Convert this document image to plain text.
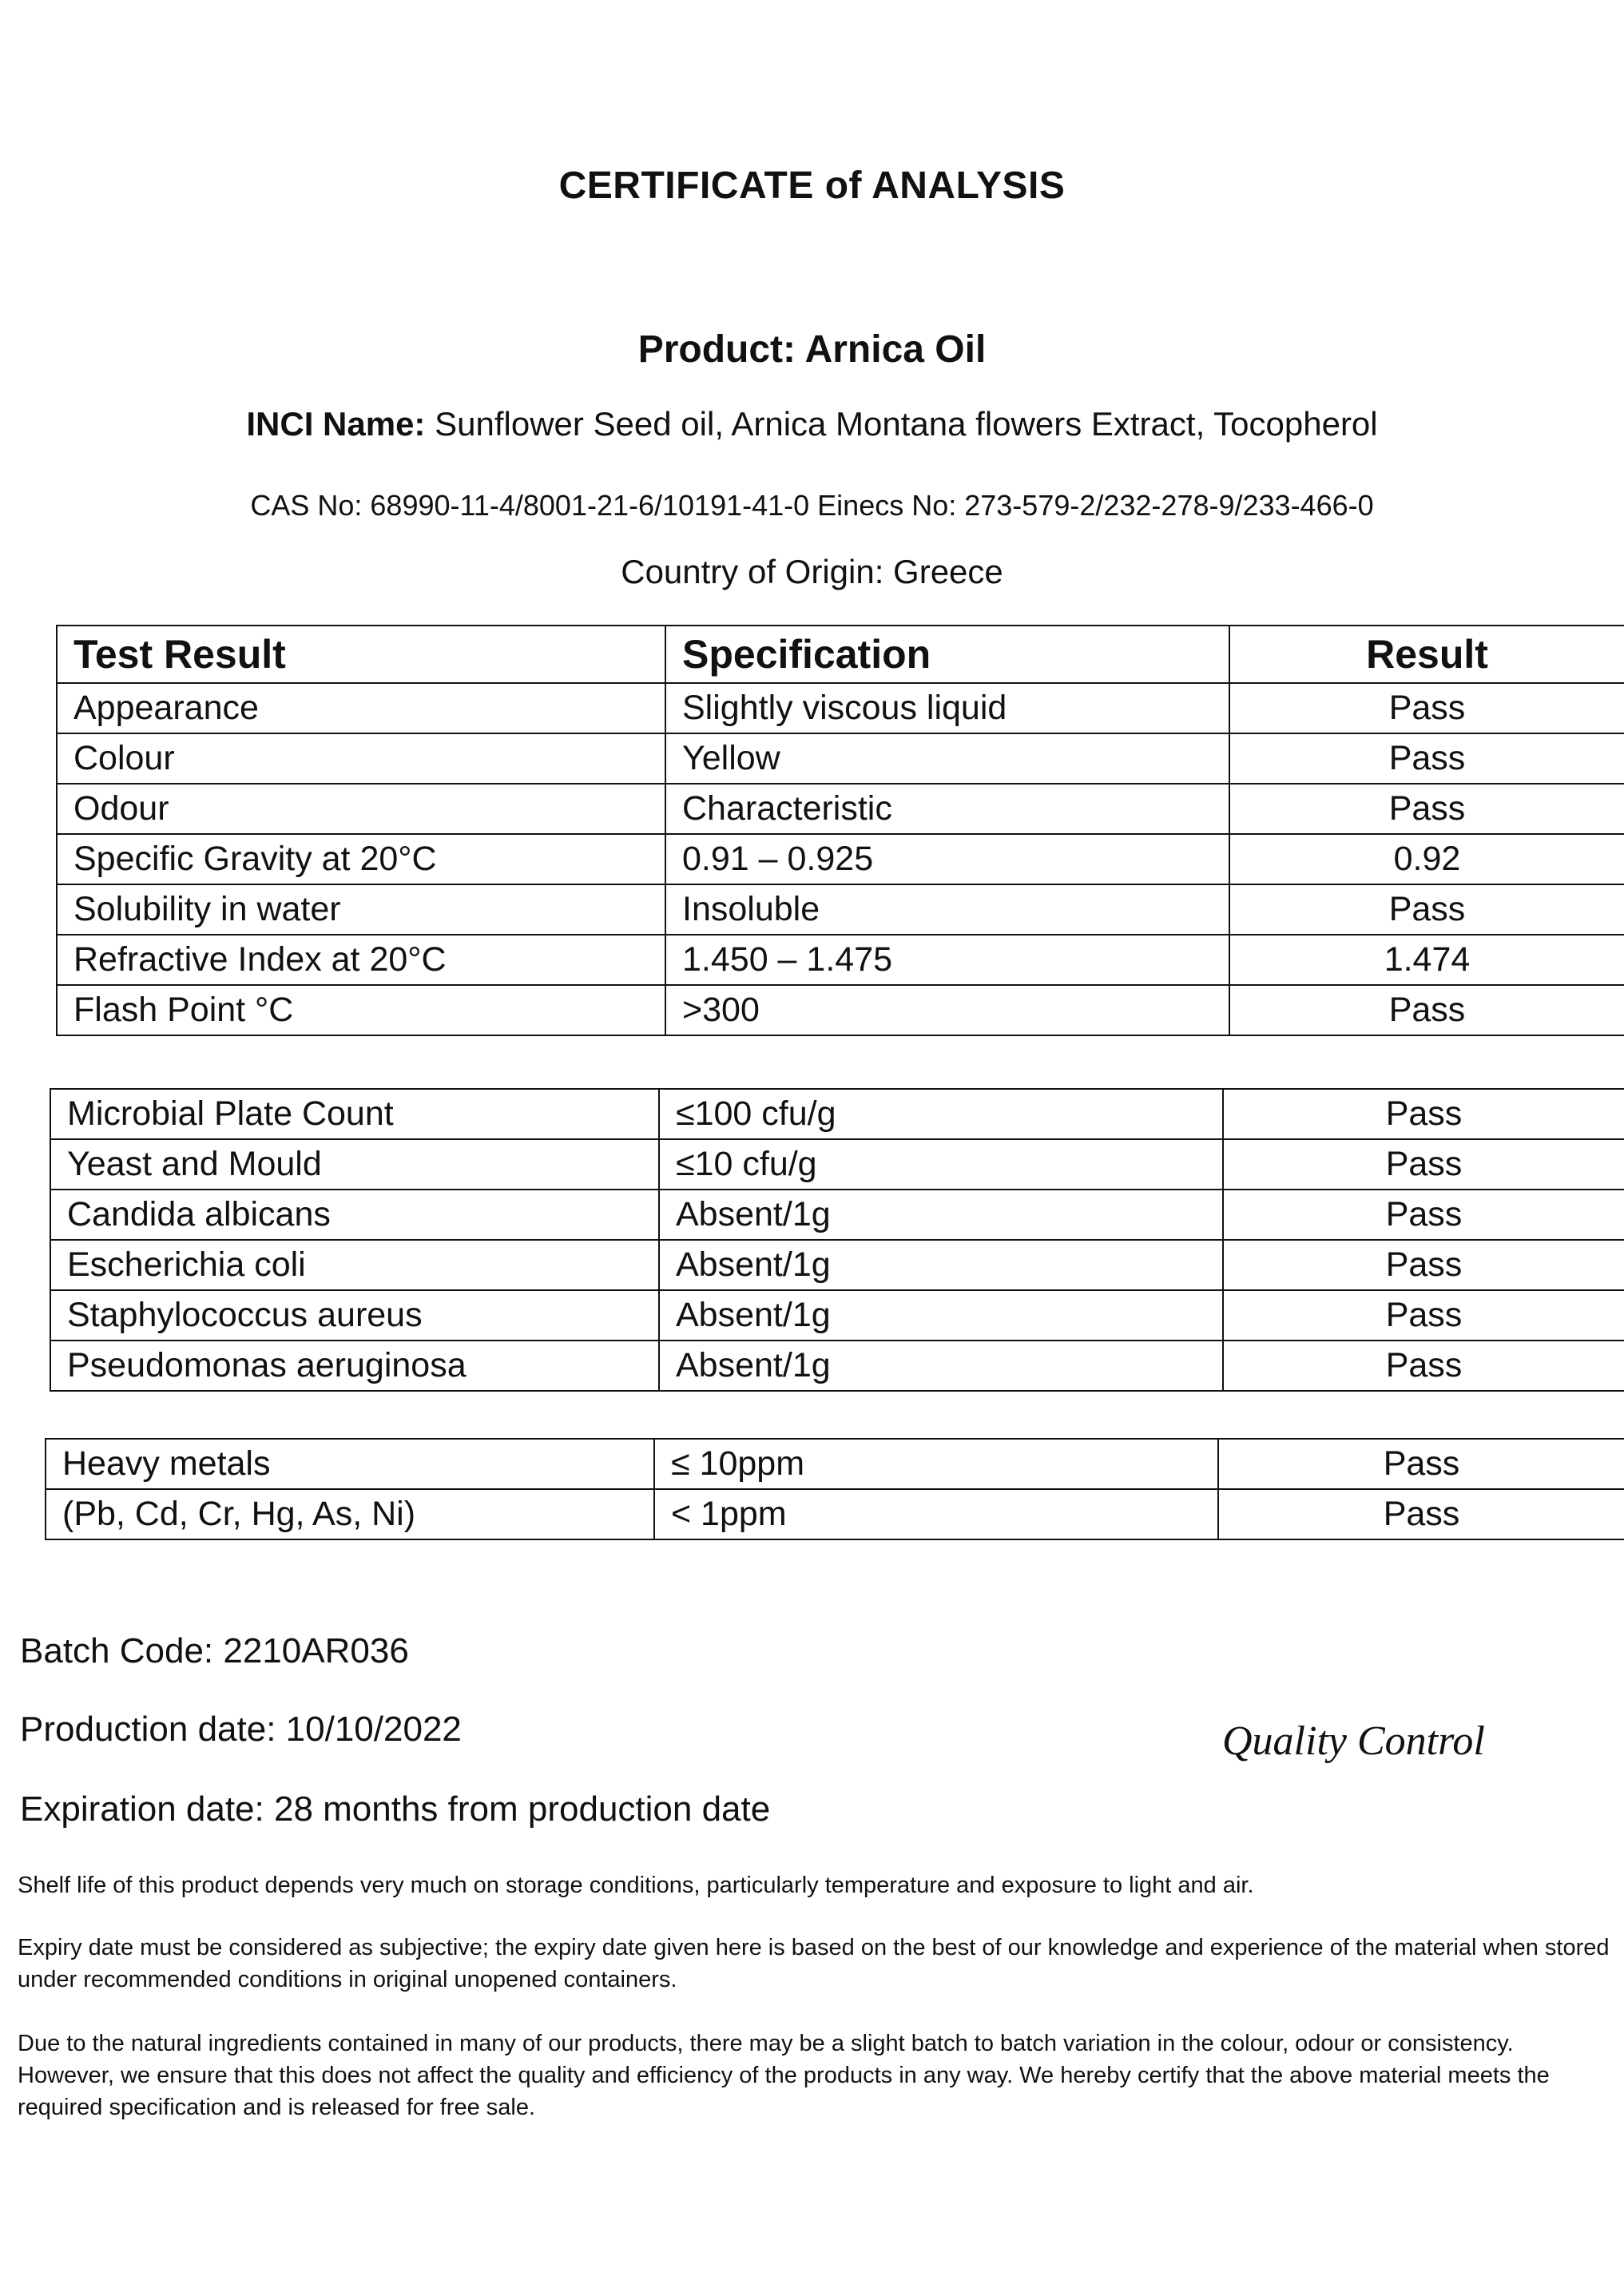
CERTIFICATE of ANALYSIS
Product: Arnica Oil
INCI Name: Sunflower Seed oil, Arnica Montana flowers Extract, Tocopherol
CAS No: 68990-11-4/8001-21-6/10191-41-0 Einecs No: 273-579-2/232-278-9/233-466-0
Country of Origin: Greece
Test Result	Specification	Result
Appearance	Slightly viscous liquid	Pass
Colour	Yellow	Pass
Odour	Characteristic	Pass
Specific Gravity at 20°C	0.91 – 0.925	0.92
Solubility in water	Insoluble	Pass
Refractive Index at 20°C	1.450 – 1.475	1.474
Flash Point °C	>300	Pass
Microbial Plate Count	≤100 cfu/g	Pass
Yeast and Mould	≤10 cfu/g	Pass
Candida albicans	Absent/1g	Pass
Escherichia coli	Absent/1g	Pass
Staphylococcus aureus	Absent/1g	Pass
Pseudomonas aeruginosa	Absent/1g	Pass
Heavy metals	≤ 10ppm	Pass
(Pb, Cd, Cr, Hg, As, Ni)	< 1ppm	Pass
Batch Code: 2210AR036
Production date: 10/10/2022
Expiration date: 28 months from production date
Quality Control
Shelf life of this product depends very much on storage conditions, particularly temperature and exposure to light and air.
Expiry date must be considered as subjective; the expiry date given here is based on the best of our knowledge and experience of the material when stored under recommended conditions in original unopened containers.
Due to the natural ingredients contained in many of our products, there may be a slight batch to batch variation in the colour, odour or consistency. However, we ensure that this does not affect the quality and efficiency of the products in any way. We hereby certify that the above material meets the required specification and is released for free sale.
